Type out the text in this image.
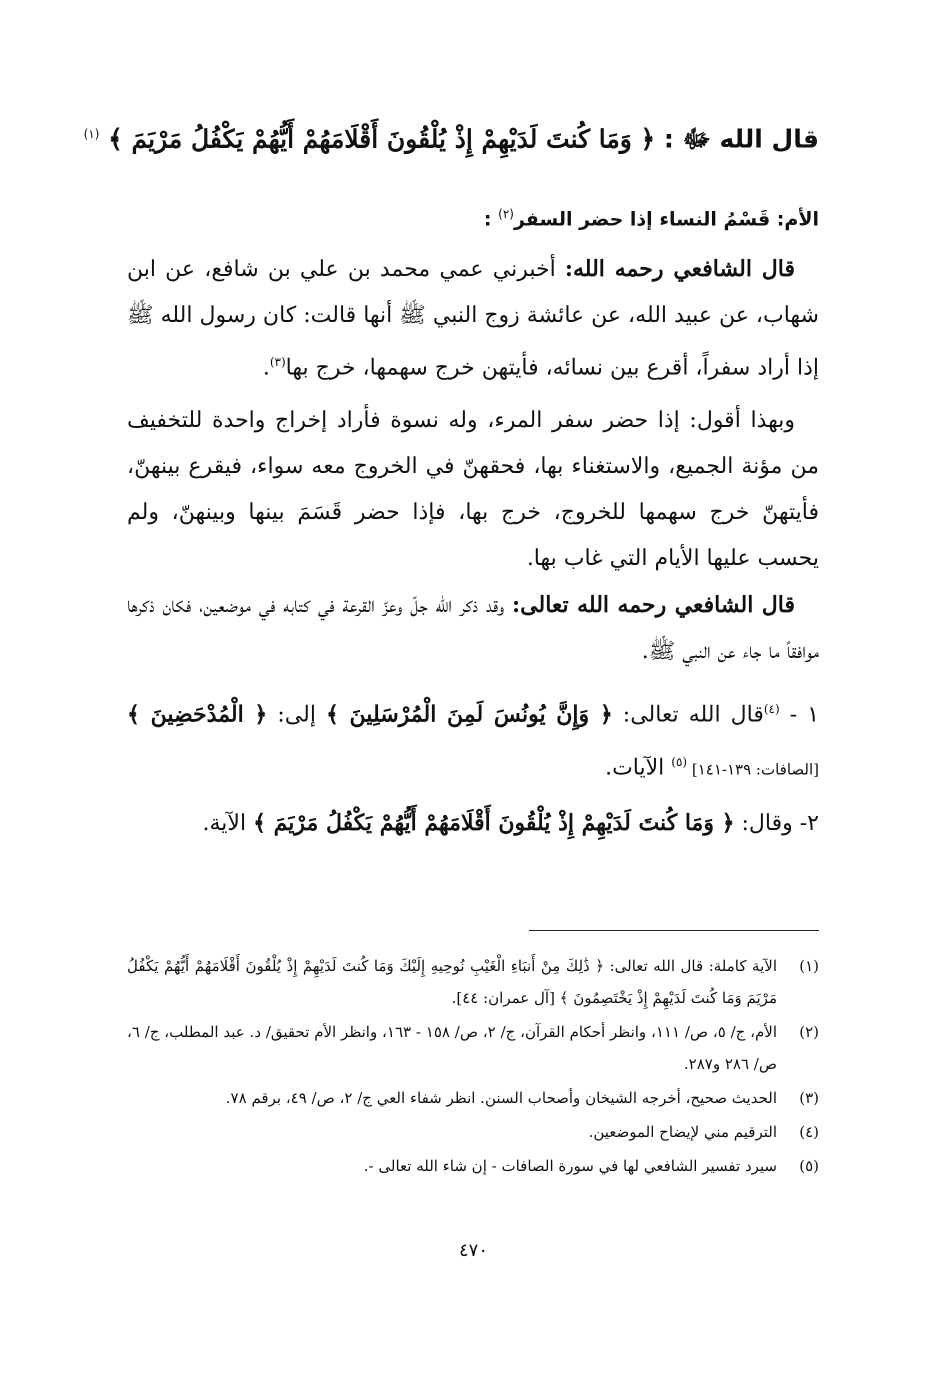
قال الله ﷻ : ﴿ وَمَا كُنتَ لَدَيْهِمْ إِذْ يُلْقُونَ أَقْلَامَهُمْ أَيُّهُمْ يَكْفُلُ مَرْيَمَ ﴾ $^{(١)}$
الأم: قَسْمُ النساء إذا حضر السفر$^{(٢)}$ :
قال الشافعي رحمه الله: أخبرني عمي محمد بن علي بن شافع، عن ابن شهاب، عن عبيد الله، عن عائشة زوج النبي ﷺ أنها قالت: كان رسول الله ﷺ إذا أراد سفراً، أقرع بين نسائه، فأيتهن خرج سهمها، خرج بها$^{(٣)}$.
وبهذا أقول: إذا حضر سفر المرء، وله نسوة فأراد إخراج واحدة للتخفيف من مؤنة الجميع، والاستغناء بها، فحقهنّ في الخروج معه سواء، فيقرع بينهنّ، فأيتهنّ خرج سهمها للخروج، خرج بها، فإذا حضر قَسَمَ بينها وبينهنّ، ولم يحسب عليها الأيام التي غاب بها.
قال الشافعي رحمه الله تعالى: وقد ذكر الله جلّ وعزّ القرعة في كتابه في موضعين، فكان ذكرها موافقاً ما جاء عن النبي ﷺ.
١ - $^{(٤)}$قال الله تعالى: ﴿ وَإِنَّ يُونُسَ لَمِنَ الْمُرْسَلِينَ ﴾ إلى: ﴿ الْمُدْحَضِينَ ﴾ [الصافات: ١٣٩-١٤١] $^{(٥)}$ الآيات.
٢- وقال: ﴿ وَمَا كُنتَ لَدَيْهِمْ إِذْ يُلْقُونَ أَقْلَامَهُمْ أَيُّهُمْ يَكْفُلُ مَرْيَمَ ﴾ الآية.
(١)
الآية كاملة: قال الله تعالى: ﴿ ذَٰلِكَ مِنْ أَنبَاءِ الْغَيْبِ نُوحِيهِ إِلَيْكَ وَمَا كُنتَ لَدَيْهِمْ إِذْ يُلْقُونَ أَقْلَامَهُمْ أَيُّهُمْ يَكْفُلُ مَرْيَمَ وَمَا كُنتَ لَدَيْهِمْ إِذْ يَخْتَصِمُونَ ﴾ [آل عمران: ٤٤].
(٢)
الأم، ج/ ٥، ص/ ١١١، وانظر أحكام القرآن، ج/ ٢، ص/ ١٥٨ - ١٦٣، وانظر الأم تحقيق/ د. عبد المطلب، ج/ ٦، ص/ ٢٨٦ و٢٨٧.
(٣)
الحديث صحيح، أخرجه الشيخان وأصحاب السنن. انظر شفاء العي ج/ ٢، ص/ ٤٩، برقم ٧٨.
(٤)
الترقيم مني لإيضاح الموضعين.
(٥)
سيرد تفسير الشافعي لها في سورة الصافات - إن شاء الله تعالى -.
٤٧٠
